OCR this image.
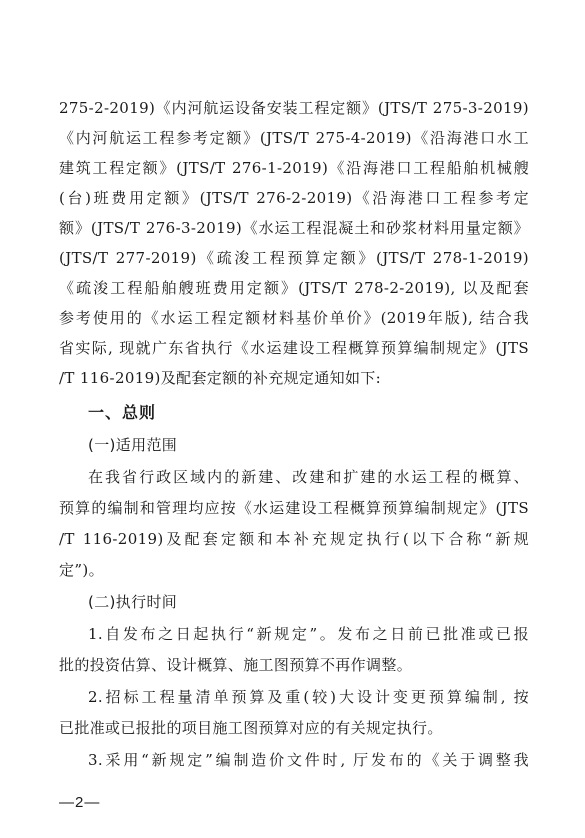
275-2-2019)《内河航运设备安装工程定额》(JTS/T 275-3-2019)
《内河航运工程参考定额》(JTS/T 275-4-2019)《沿海港口水工
建筑工程定额》(JTS/T 276-1-2019)《沿海港口工程船舶机械艘
(台)班费用定额》(JTS/T 276-2-2019)《沿海港口工程参考定
额》(JTS/T 276-3-2019)《水运工程混凝土和砂浆材料用量定额》
(JTS/T 277-2019)《疏浚工程预算定额》(JTS/T 278-1-2019)
《疏浚工程船舶艘班费用定额》(JTS/T 278-2-2019), 以及配套
参考使用的《水运工程定额材料基价单价》(2019年版), 结合我
省实际, 现就广东省执行《水运建设工程概算预算编制规定》(JTS
/T 116-2019)及配套定额的补充规定通知如下:
一、总则
(一)适用范围
在我省行政区域内的新建、改建和扩建的水运工程的概算、
预算的编制和管理均应按《水运建设工程概算预算编制规定》(JTS
/T 116-2019)及配套定额和本补充规定执行(以下合称“新规
定”)。
(二)执行时间
1.自发布之日起执行“新规定”。发布之日前已批准或已报
批的投资估算、设计概算、施工图预算不再作调整。
2.招标工程量清单预算及重(较)大设计变更预算编制, 按
已批准或已报批的项目施工图预算对应的有关规定执行。
3.采用“新规定”编制造价文件时, 厅发布的《关于调整我
—2—
